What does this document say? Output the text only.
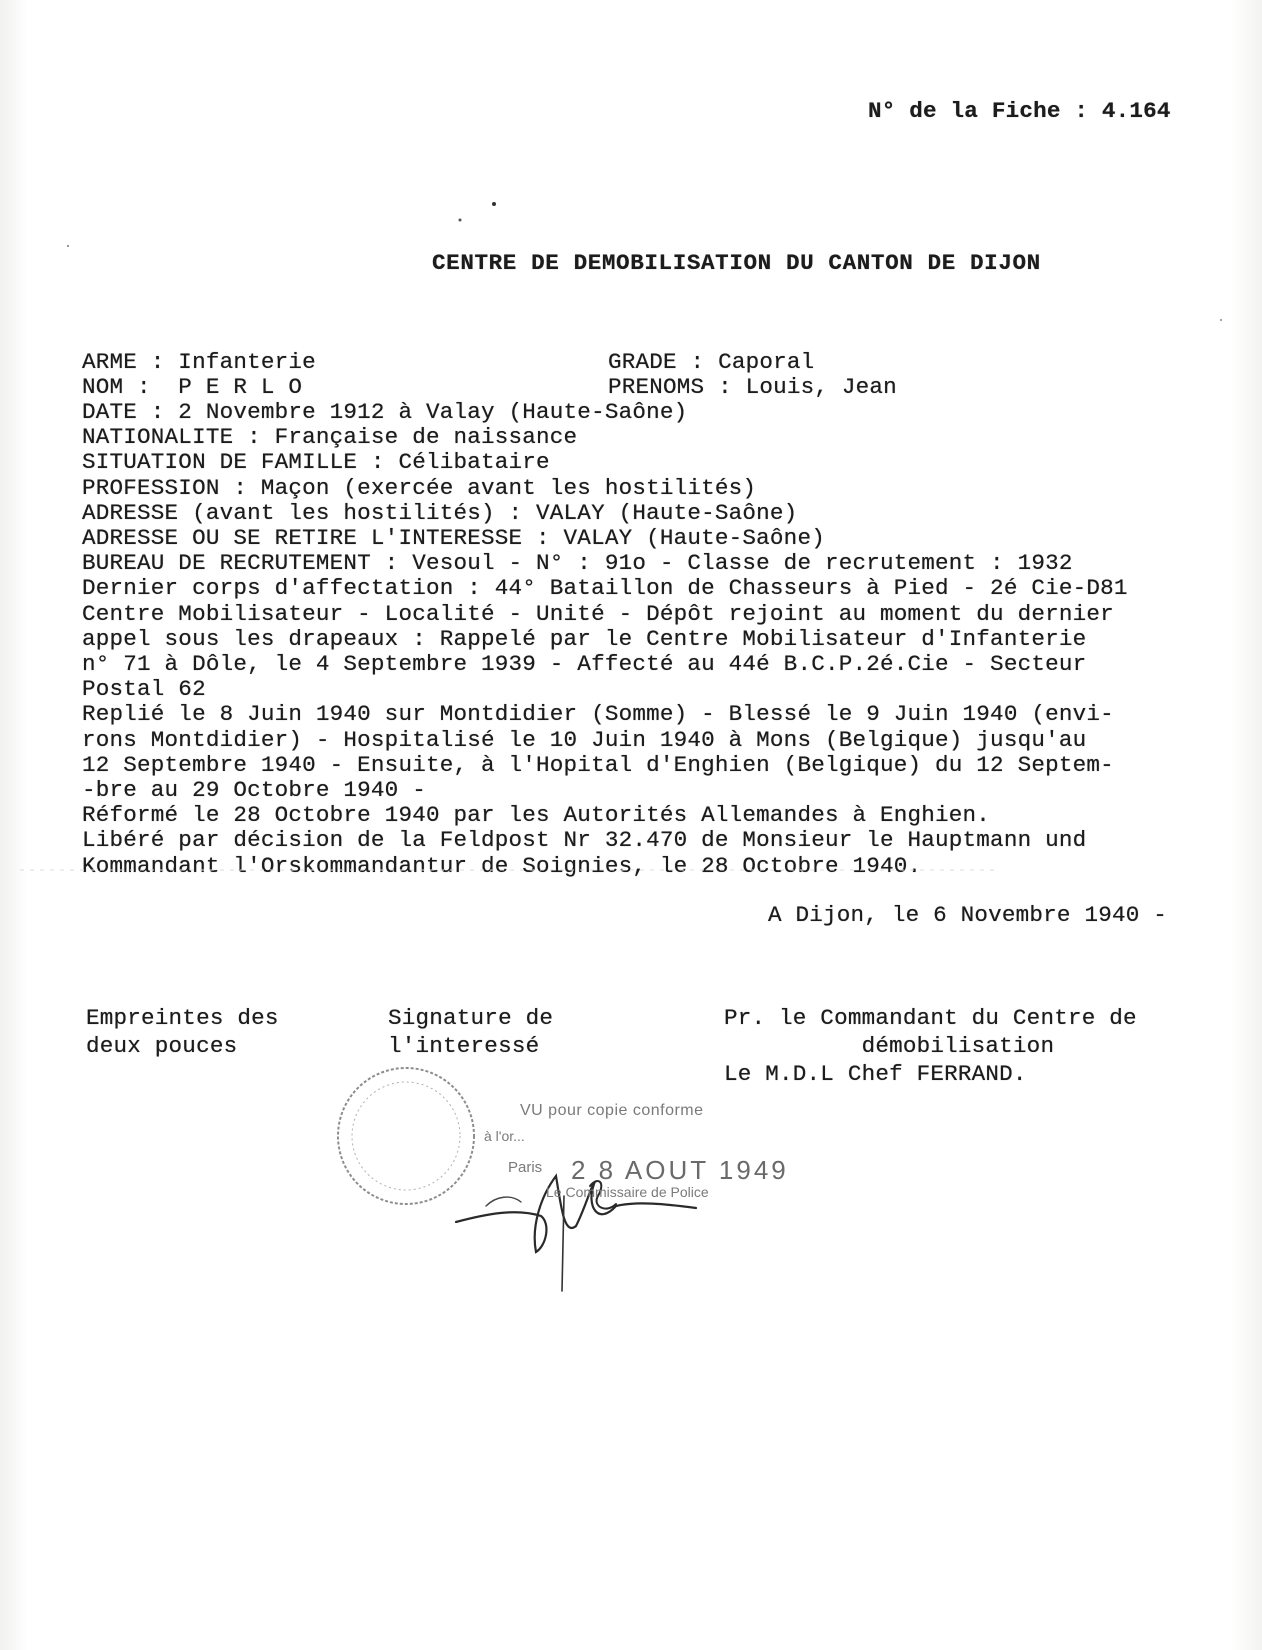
N° de la Fiche : 4.164
CENTRE DE DEMOBILISATION DU CANTON DE DIJON
ARME : Infanterie	GRADE : Caporal
NOM :  P E R L O	PRENOMS : Louis, Jean
DATE : 2 Novembre 1912 à Valay (Haute-Saône)
NATIONALITE : Française de naissance
SITUATION DE FAMILLE : Célibataire
PROFESSION : Maçon (exercée avant les hostilités)
ADRESSE (avant les hostilités) : VALAY (Haute-Saône)
ADRESSE OU SE RETIRE L'INTERESSE : VALAY (Haute-Saône)
BUREAU DE RECRUTEMENT : Vesoul - N° : 91o - Classe de recrutement : 1932
Dernier corps d'affectation : 44° Bataillon de Chasseurs à Pied - 2é Cie-D81
Centre Mobilisateur - Localité - Unité - Dépôt rejoint au moment du dernier
appel sous les drapeaux : Rappelé par le Centre Mobilisateur d'Infanterie
n° 71 à Dôle, le 4 Septembre 1939 - Affecté au 44é B.C.P.2é.Cie - Secteur
Postal 62
Replié le 8 Juin 1940 sur Montdidier (Somme) - Blessé le 9 Juin 1940 (envi-
rons Montdidier) - Hospitalisé le 10 Juin 1940 à Mons (Belgique) jusqu'au
12 Septembre 1940 - Ensuite, à l'Hopital d'Enghien (Belgique) du 12 Septem-
-bre au 29 Octobre 1940 -
Réformé le 28 Octobre 1940 par les Autorités Allemandes à Enghien.
Libéré par décision de la Feldpost Nr 32.470 de Monsieur le Hauptmann und
Kommandant l'Orskommandantur de Soignies, le 28 Octobre 1940.
A Dijon, le 6 Novembre 1940 -
Empreintes des
deux pouces
Signature de
l'interessé
Pr. le Commandant du Centre de
démobilisation
Le M.D.L Chef FERRAND.
VU pour copie conforme
à l'or...
Paris 2 8 AOUT 1949
Le Commissaire de Police
